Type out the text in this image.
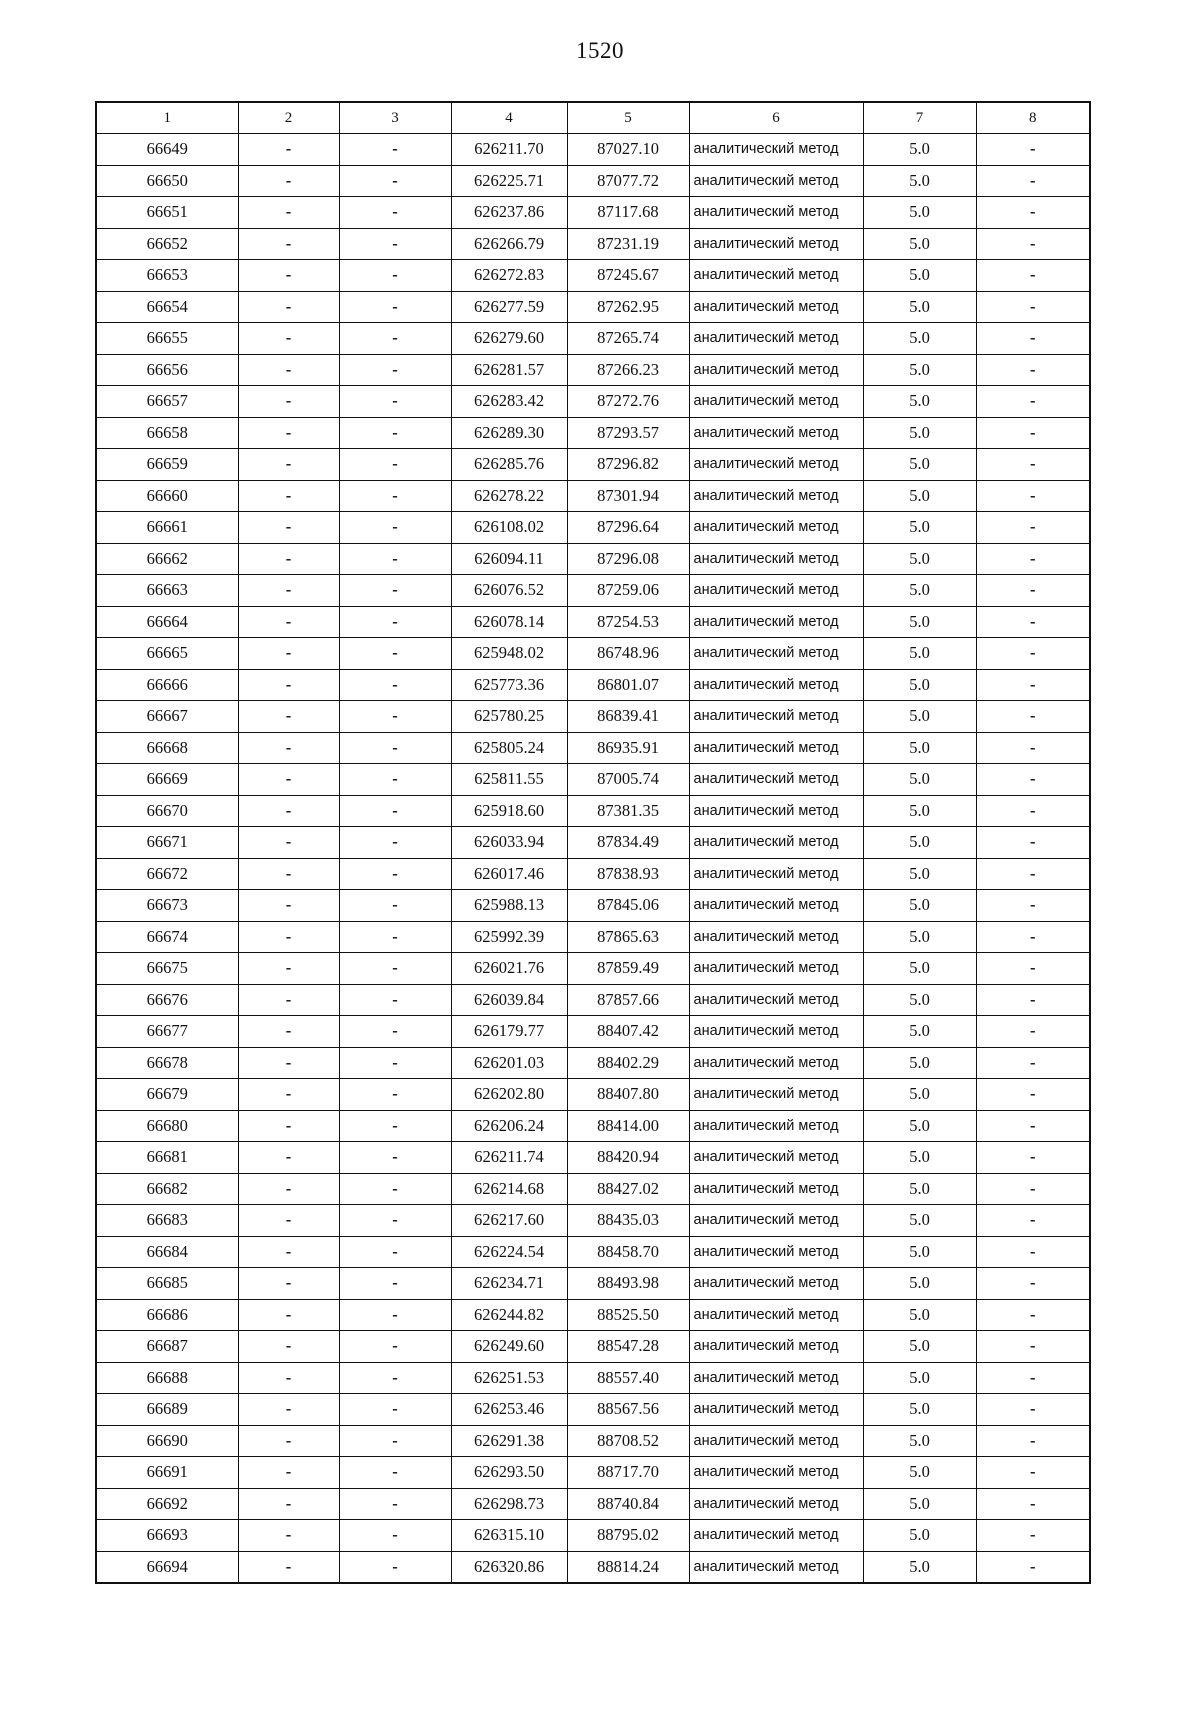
1520
1	2	3	4	5	6	7	8
66649	-	-	626211.70	87027.10	аналитический метод	5.0	-
66650	-	-	626225.71	87077.72	аналитический метод	5.0	-
66651	-	-	626237.86	87117.68	аналитический метод	5.0	-
66652	-	-	626266.79	87231.19	аналитический метод	5.0	-
66653	-	-	626272.83	87245.67	аналитический метод	5.0	-
66654	-	-	626277.59	87262.95	аналитический метод	5.0	-
66655	-	-	626279.60	87265.74	аналитический метод	5.0	-
66656	-	-	626281.57	87266.23	аналитический метод	5.0	-
66657	-	-	626283.42	87272.76	аналитический метод	5.0	-
66658	-	-	626289.30	87293.57	аналитический метод	5.0	-
66659	-	-	626285.76	87296.82	аналитический метод	5.0	-
66660	-	-	626278.22	87301.94	аналитический метод	5.0	-
66661	-	-	626108.02	87296.64	аналитический метод	5.0	-
66662	-	-	626094.11	87296.08	аналитический метод	5.0	-
66663	-	-	626076.52	87259.06	аналитический метод	5.0	-
66664	-	-	626078.14	87254.53	аналитический метод	5.0	-
66665	-	-	625948.02	86748.96	аналитический метод	5.0	-
66666	-	-	625773.36	86801.07	аналитический метод	5.0	-
66667	-	-	625780.25	86839.41	аналитический метод	5.0	-
66668	-	-	625805.24	86935.91	аналитический метод	5.0	-
66669	-	-	625811.55	87005.74	аналитический метод	5.0	-
66670	-	-	625918.60	87381.35	аналитический метод	5.0	-
66671	-	-	626033.94	87834.49	аналитический метод	5.0	-
66672	-	-	626017.46	87838.93	аналитический метод	5.0	-
66673	-	-	625988.13	87845.06	аналитический метод	5.0	-
66674	-	-	625992.39	87865.63	аналитический метод	5.0	-
66675	-	-	626021.76	87859.49	аналитический метод	5.0	-
66676	-	-	626039.84	87857.66	аналитический метод	5.0	-
66677	-	-	626179.77	88407.42	аналитический метод	5.0	-
66678	-	-	626201.03	88402.29	аналитический метод	5.0	-
66679	-	-	626202.80	88407.80	аналитический метод	5.0	-
66680	-	-	626206.24	88414.00	аналитический метод	5.0	-
66681	-	-	626211.74	88420.94	аналитический метод	5.0	-
66682	-	-	626214.68	88427.02	аналитический метод	5.0	-
66683	-	-	626217.60	88435.03	аналитический метод	5.0	-
66684	-	-	626224.54	88458.70	аналитический метод	5.0	-
66685	-	-	626234.71	88493.98	аналитический метод	5.0	-
66686	-	-	626244.82	88525.50	аналитический метод	5.0	-
66687	-	-	626249.60	88547.28	аналитический метод	5.0	-
66688	-	-	626251.53	88557.40	аналитический метод	5.0	-
66689	-	-	626253.46	88567.56	аналитический метод	5.0	-
66690	-	-	626291.38	88708.52	аналитический метод	5.0	-
66691	-	-	626293.50	88717.70	аналитический метод	5.0	-
66692	-	-	626298.73	88740.84	аналитический метод	5.0	-
66693	-	-	626315.10	88795.02	аналитический метод	5.0	-
66694	-	-	626320.86	88814.24	аналитический метод	5.0	-
